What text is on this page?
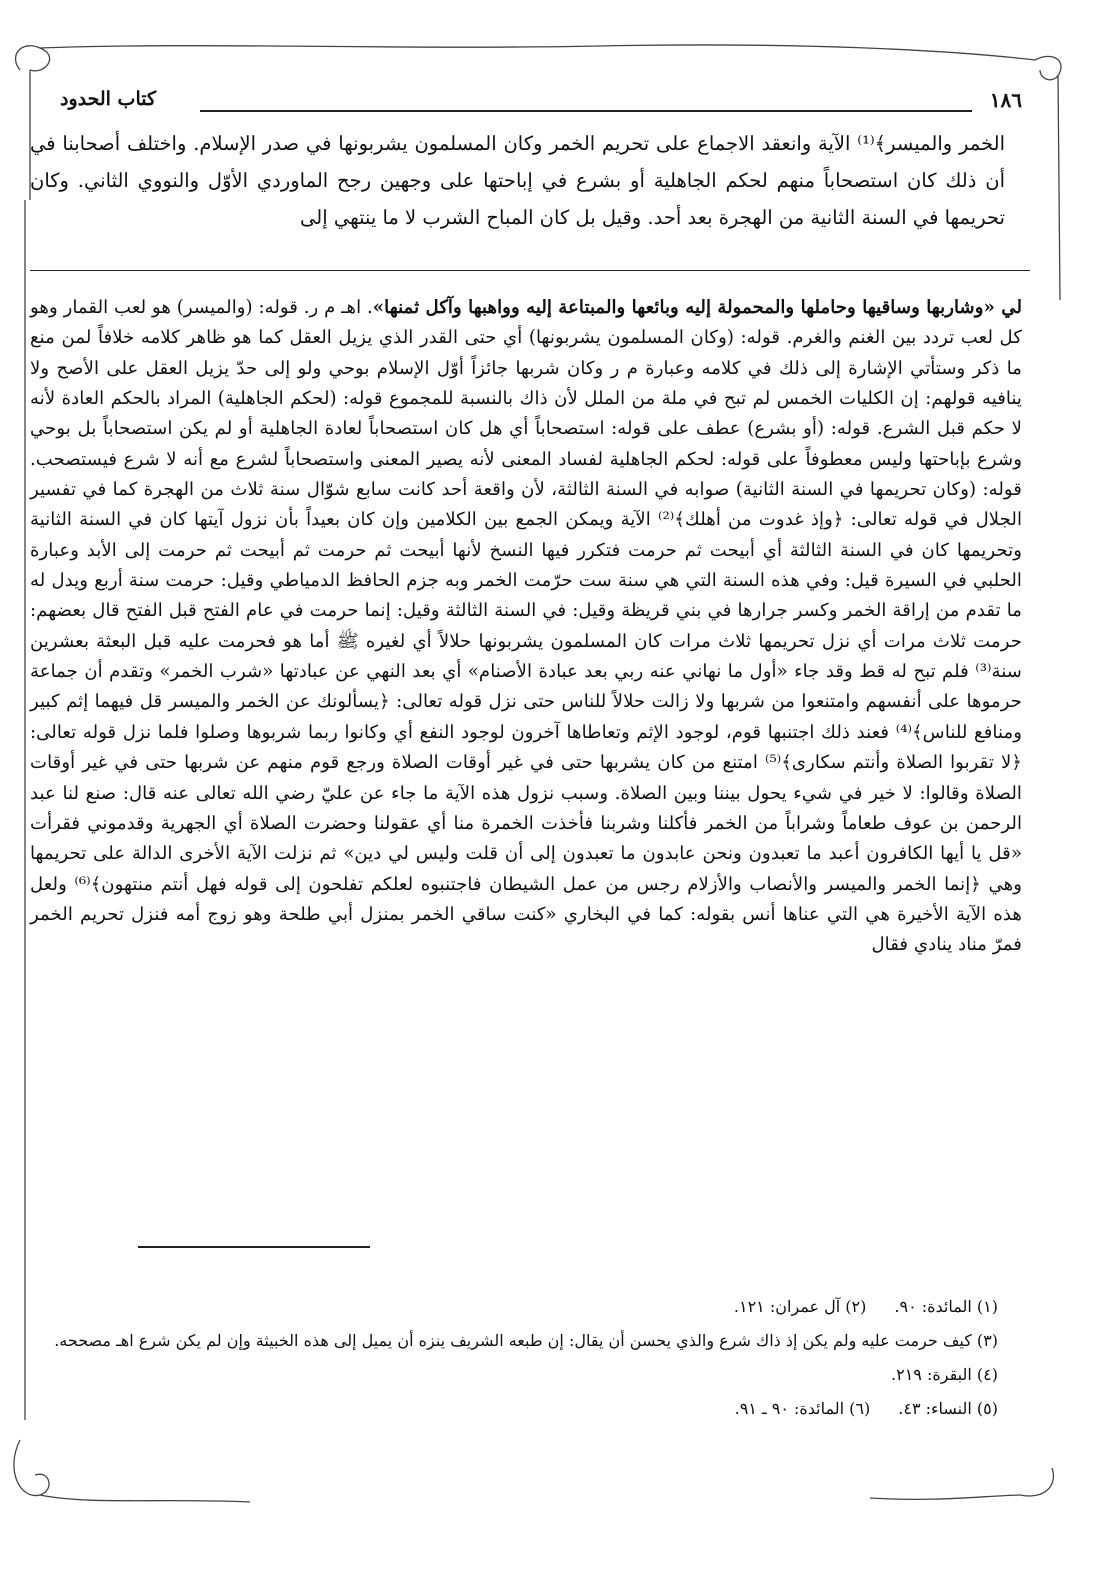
١٨٦
كتاب الحدود

الخمر والميسر﴾⁽¹⁾ الآية وانعقد الاجماع على تحريم الخمر وكان المسلمون يشربونها في صدر الإسلام. واختلف أصحابنا في أن ذلك كان استصحاباً منهم لحكم الجاهلية أو بشرع في إباحتها على وجهين رجح الماوردي الأوّل والنووي الثاني. وكان تحريمها في السنة الثانية من الهجرة بعد أحد. وقيل بل كان المباح الشرب لا ما ينتهي إلى

لي «وشاربها وساقيها وحاملها والمحمولة إليه وبائعها والمبتاعة إليه وواهبها وآكل ثمنها». اهـ م ر. قوله: (والميسر) هو لعب القمار وهو كل لعب تردد بين الغنم والغرم. قوله: (وكان المسلمون يشربونها) أي حتى القدر الذي يزيل العقل كما هو ظاهر كلامه خلافاً لمن منع ما ذكر وستأتي الإشارة إلى ذلك في كلامه وعبارة م ر وكان شربها جائزاً أوّل الإسلام بوحي ولو إلى حدّ يزيل العقل على الأصح ولا ينافيه قولهم: إن الكليات الخمس لم تبح في ملة من الملل لأن ذاك بالنسبة للمجموع قوله: (لحكم الجاهلية) المراد بالحكم العادة لأنه لا حكم قبل الشرع. قوله: (أو بشرع) عطف على قوله: استصحاباً أي هل كان استصحاباً لعادة الجاهلية أو لم يكن استصحاباً بل بوحي وشرع بإباحتها وليس معطوفاً على قوله: لحكم الجاهلية لفساد المعنى لأنه يصير المعنى واستصحاباً لشرع مع أنه لا شرع فيستصحب. قوله: (وكان تحريمها في السنة الثانية) صوابه في السنة الثالثة، لأن واقعة أحد كانت سابع شوّال سنة ثلاث من الهجرة كما في تفسير الجلال في قوله تعالى: ﴿وإذ غدوت من أهلك﴾⁽²⁾ الآية ويمكن الجمع بين الكلامين وإن كان بعيداً بأن نزول آيتها كان في السنة الثانية وتحريمها كان في السنة الثالثة أي أبيحت ثم حرمت فتكرر فيها النسخ لأنها أبيحت ثم حرمت ثم أبيحت ثم حرمت إلى الأبد وعبارة الحلبي في السيرة قيل: وفي هذه السنة التي هي سنة ست حرّمت الخمر وبه جزم الحافظ الدمياطي وقيل: حرمت سنة أربع ويدل له ما تقدم من إراقة الخمر وكسر جرارها في بني قريظة وقيل: في السنة الثالثة وقيل: إنما حرمت في عام الفتح قبل الفتح قال بعضهم: حرمت ثلاث مرات أي نزل تحريمها ثلاث مرات كان المسلمون يشربونها حلالاً أي لغيره ﷺ أما هو فحرمت عليه قبل البعثة بعشرين سنة⁽³⁾ فلم تبح له قط وقد جاء «أول ما نهاني عنه ربي بعد عبادة الأصنام» أي بعد النهي عن عبادتها «شرب الخمر» وتقدم أن جماعة حرموها على أنفسهم وامتنعوا من شربها ولا زالت حلالاً للناس حتى نزل قوله تعالى: ﴿يسألونك عن الخمر والميسر قل فيهما إثم كبير ومنافع للناس﴾⁽⁴⁾ فعند ذلك اجتنبها قوم، لوجود الإثم وتعاطاها آخرون لوجود النفع أي وكانوا ربما شربوها وصلوا فلما نزل قوله تعالى: ﴿لا تقربوا الصلاة وأنتم سكارى﴾⁽⁵⁾ امتنع من كان يشربها حتى في غير أوقات الصلاة ورجع قوم منهم عن شربها حتى في غير أوقات الصلاة وقالوا: لا خير في شيء يحول بيننا وبين الصلاة. وسبب نزول هذه الآية ما جاء عن عليّ رضي الله تعالى عنه قال: صنع لنا عبد الرحمن بن عوف طعاماً وشراباً من الخمر فأكلنا وشربنا فأخذت الخمرة منا أي عقولنا وحضرت الصلاة أي الجهرية وقدموني فقرأت «قل يا أيها الكافرون أعبد ما تعبدون ونحن عابدون ما تعبدون إلى أن قلت وليس لي دين» ثم نزلت الآية الأخرى الدالة على تحريمها وهي ﴿إنما الخمر والميسر والأنصاب والأزلام رجس من عمل الشيطان فاجتنبوه لعلكم تفلحون إلى قوله فهل أنتم منتهون﴾⁽⁶⁾ ولعل هذه الآية الأخيرة هي التي عناها أنس بقوله: كما في البخاري «كنت ساقي الخمر بمنزل أبي طلحة وهو زوج أمه فنزل تحريم الخمر فمرّ مناد ينادي فقال

(١) المائدة: ٩٠.(٢) آل عمران: ١٢١.
(٣) كيف حرمت عليه ولم يكن إذ ذاك شرع والذي يحسن أن يقال: إن طبعه الشريف ينزه أن يميل إلى هذه الخبيثة وإن لم يكن شرع اهـ مصححه.
(٤) البقرة: ٢١٩.
(٥) النساء: ٤٣.(٦) المائدة: ٩٠ ـ ٩١.
